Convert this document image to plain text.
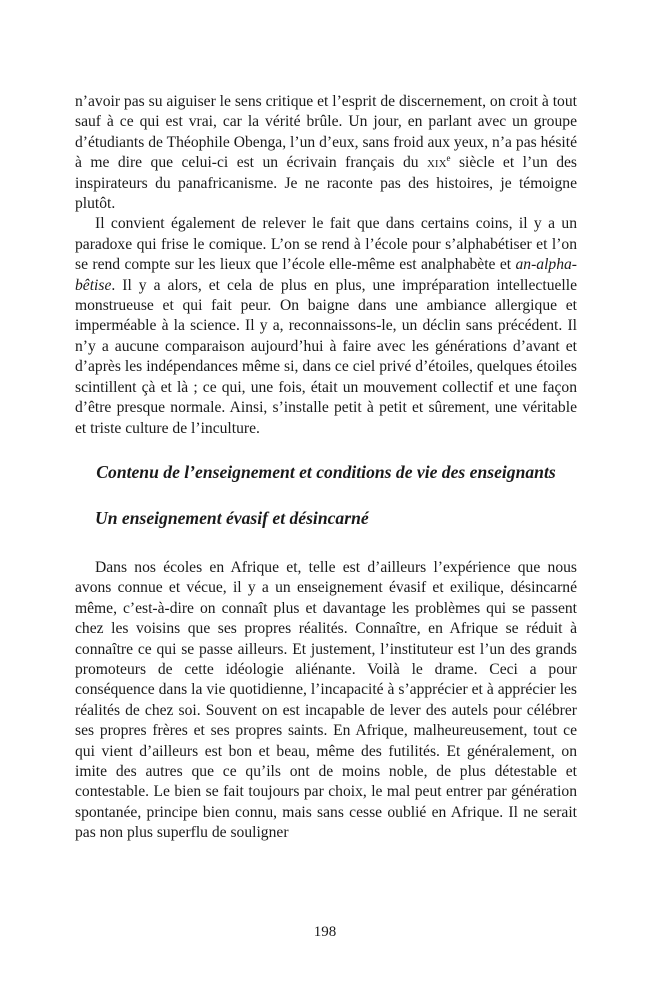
n’avoir pas su aiguiser le sens critique et l’esprit de discernement, on croit à tout sauf à ce qui est vrai, car la vérité brûle. Un jour, en parlant avec un groupe d’étudiants de Théophile Obenga, l’un d’eux, sans froid aux yeux, n’a pas hésité à me dire que celui-ci est un écrivain français du xix$^e$ siècle et l’un des inspirateurs du panafricanisme. Je ne raconte pas des histoires, je témoigne plutôt.

Il convient également de relever le fait que dans certains coins, il y a un paradoxe qui frise le comique. L’on se rend à l’école pour s’alphabétiser et l’on se rend compte sur les lieux que l’école elle-même est analphabète et an-alpha-bêtise. Il y a alors, et cela de plus en plus, une impréparation intellectuelle monstrueuse et qui fait peur. On baigne dans une ambiance allergique et imperméable à la science. Il y a, reconnaissons-le, un déclin sans précédent. Il n’y a aucune comparaison aujourd’hui à faire avec les générations d’avant et d’après les indépendances même si, dans ce ciel privé d’étoiles, quelques étoiles scintillent çà et là ; ce qui, une fois, était un mouvement collectif et une façon d’être presque normale. Ainsi, s’installe petit à petit et sûrement, une véritable et triste culture de l’inculture.

Contenu de l’enseignement et conditions de vie des enseignants
Un enseignement évasif et désincarné

Dans nos écoles en Afrique et, telle est d’ailleurs l’expérience que nous avons connue et vécue, il y a un enseignement évasif et exilique, désincarné même, c’est-à-dire on connaît plus et davantage les problèmes qui se passent chez les voisins que ses propres réalités. Connaître, en Afrique se réduit à connaître ce qui se passe ailleurs. Et justement, l’instituteur est l’un des grands promoteurs de cette idéologie aliénante. Voilà le drame. Ceci a pour conséquence dans la vie quotidienne, l’incapacité à s’apprécier et à apprécier les réalités de chez soi. Souvent on est incapable de lever des autels pour célébrer ses propres frères et ses propres saints. En Afrique, malheureusement, tout ce qui vient d’ailleurs est bon et beau, même des futilités. Et généralement, on imite des autres que ce qu’ils ont de moins noble, de plus détestable et contestable. Le bien se fait toujours par choix, le mal peut entrer par génération spontanée, principe bien connu, mais sans cesse oublié en Afrique. Il ne serait pas non plus superflu de souligner

198
